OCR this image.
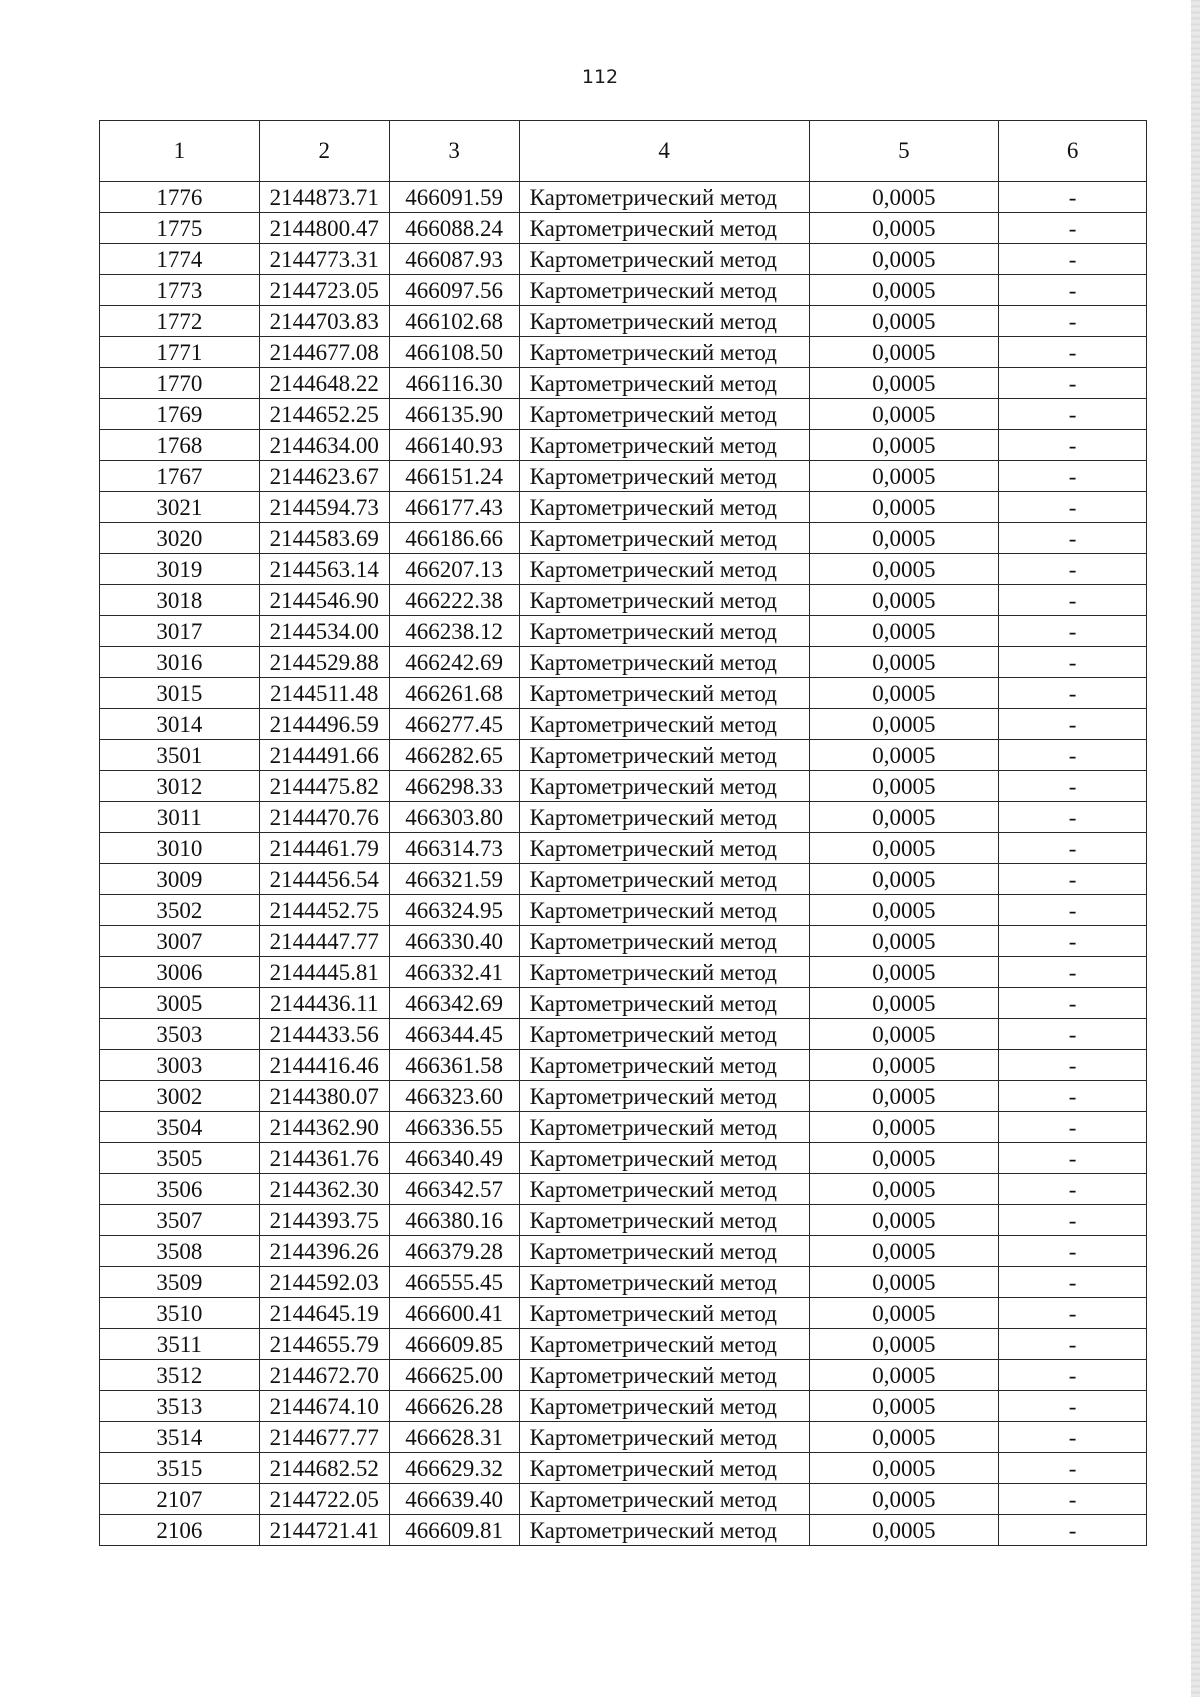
112
1	2	3	4	5	6
1776	2144873.71	466091.59	Картометрический метод	0,0005	-
1775	2144800.47	466088.24	Картометрический метод	0,0005	-
1774	2144773.31	466087.93	Картометрический метод	0,0005	-
1773	2144723.05	466097.56	Картометрический метод	0,0005	-
1772	2144703.83	466102.68	Картометрический метод	0,0005	-
1771	2144677.08	466108.50	Картометрический метод	0,0005	-
1770	2144648.22	466116.30	Картометрический метод	0,0005	-
1769	2144652.25	466135.90	Картометрический метод	0,0005	-
1768	2144634.00	466140.93	Картометрический метод	0,0005	-
1767	2144623.67	466151.24	Картометрический метод	0,0005	-
3021	2144594.73	466177.43	Картометрический метод	0,0005	-
3020	2144583.69	466186.66	Картометрический метод	0,0005	-
3019	2144563.14	466207.13	Картометрический метод	0,0005	-
3018	2144546.90	466222.38	Картометрический метод	0,0005	-
3017	2144534.00	466238.12	Картометрический метод	0,0005	-
3016	2144529.88	466242.69	Картометрический метод	0,0005	-
3015	2144511.48	466261.68	Картометрический метод	0,0005	-
3014	2144496.59	466277.45	Картометрический метод	0,0005	-
3501	2144491.66	466282.65	Картометрический метод	0,0005	-
3012	2144475.82	466298.33	Картометрический метод	0,0005	-
3011	2144470.76	466303.80	Картометрический метод	0,0005	-
3010	2144461.79	466314.73	Картометрический метод	0,0005	-
3009	2144456.54	466321.59	Картометрический метод	0,0005	-
3502	2144452.75	466324.95	Картометрический метод	0,0005	-
3007	2144447.77	466330.40	Картометрический метод	0,0005	-
3006	2144445.81	466332.41	Картометрический метод	0,0005	-
3005	2144436.11	466342.69	Картометрический метод	0,0005	-
3503	2144433.56	466344.45	Картометрический метод	0,0005	-
3003	2144416.46	466361.58	Картометрический метод	0,0005	-
3002	2144380.07	466323.60	Картометрический метод	0,0005	-
3504	2144362.90	466336.55	Картометрический метод	0,0005	-
3505	2144361.76	466340.49	Картометрический метод	0,0005	-
3506	2144362.30	466342.57	Картометрический метод	0,0005	-
3507	2144393.75	466380.16	Картометрический метод	0,0005	-
3508	2144396.26	466379.28	Картометрический метод	0,0005	-
3509	2144592.03	466555.45	Картометрический метод	0,0005	-
3510	2144645.19	466600.41	Картометрический метод	0,0005	-
3511	2144655.79	466609.85	Картометрический метод	0,0005	-
3512	2144672.70	466625.00	Картометрический метод	0,0005	-
3513	2144674.10	466626.28	Картометрический метод	0,0005	-
3514	2144677.77	466628.31	Картометрический метод	0,0005	-
3515	2144682.52	466629.32	Картометрический метод	0,0005	-
2107	2144722.05	466639.40	Картометрический метод	0,0005	-
2106	2144721.41	466609.81	Картометрический метод	0,0005	-
